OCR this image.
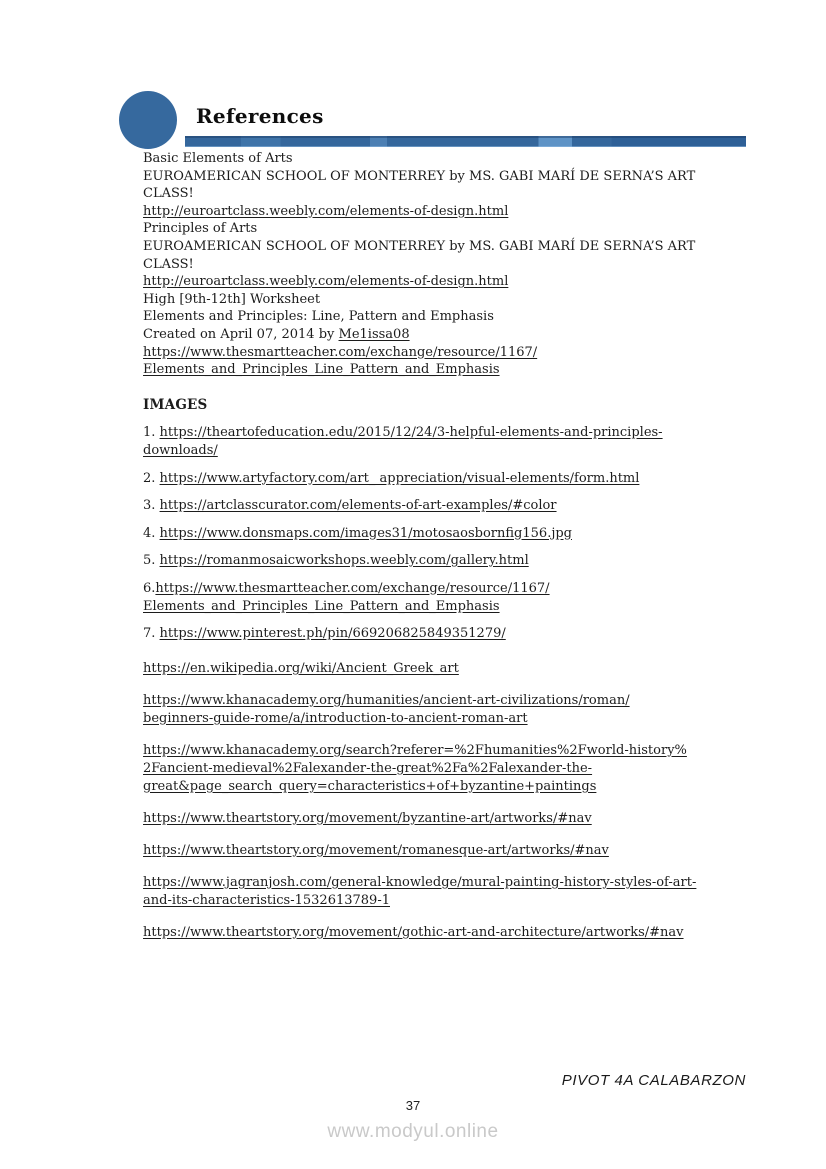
References
Basic Elements of Arts
EUROAMERICAN SCHOOL OF MONTERREY by MS. GABI MARÍ DE SERNA’S ART
CLASS!
http://euroartclass.weebly.com/elements-of-design.html
Principles of Arts
EUROAMERICAN SCHOOL OF MONTERREY by MS. GABI MARÍ DE SERNA’S ART
CLASS!
http://euroartclass.weebly.com/elements-of-design.html
High [9th-12th] Worksheet
Elements and Principles: Line, Pattern and Emphasis
Created on April 07, 2014 by Me1issa08
https://www.thesmartteacher.com/exchange/resource/1167/
Elements_and_Principles_Line_Pattern_and_Emphasis
IMAGES
1. https://theartofeducation.edu/2015/12/24/3-helpful-elements-and-principles-
downloads/
2. https://www.artyfactory.com/art_ appreciation/visual-elements/form.html
3. https://artclasscurator.com/elements-of-art-examples/#color
4. https://www.donsmaps.com/images31/motosaosbornfig156.jpg
5. https://romanmosaicworkshops.weebly.com/gallery.html
6.https://www.thesmartteacher.com/exchange/resource/1167/
Elements_and_Principles_Line_Pattern_and_Emphasis
7. https://www.pinterest.ph/pin/669206825849351279/
https://en.wikipedia.org/wiki/Ancient_Greek_art
https://www.khanacademy.org/humanities/ancient-art-civilizations/roman/
beginners-guide-rome/a/introduction-to-ancient-roman-art
https://www.khanacademy.org/search?referer=%2Fhumanities%2Fworld-history%
2Fancient-medieval%2Falexander-the-great%2Fa%2Falexander-the-
great&page_search_query=characteristics+of+byzantine+paintings
https://www.theartstory.org/movement/byzantine-art/artworks/#nav
https://www.theartstory.org/movement/romanesque-art/artworks/#nav
https://www.jagranjosh.com/general-knowledge/mural-painting-history-styles-of-art-
and-its-characteristics-1532613789-1
https://www.theartstory.org/movement/gothic-art-and-architecture/artworks/#nav
PIVOT 4A CALABARZON
37
www.modyul.online
